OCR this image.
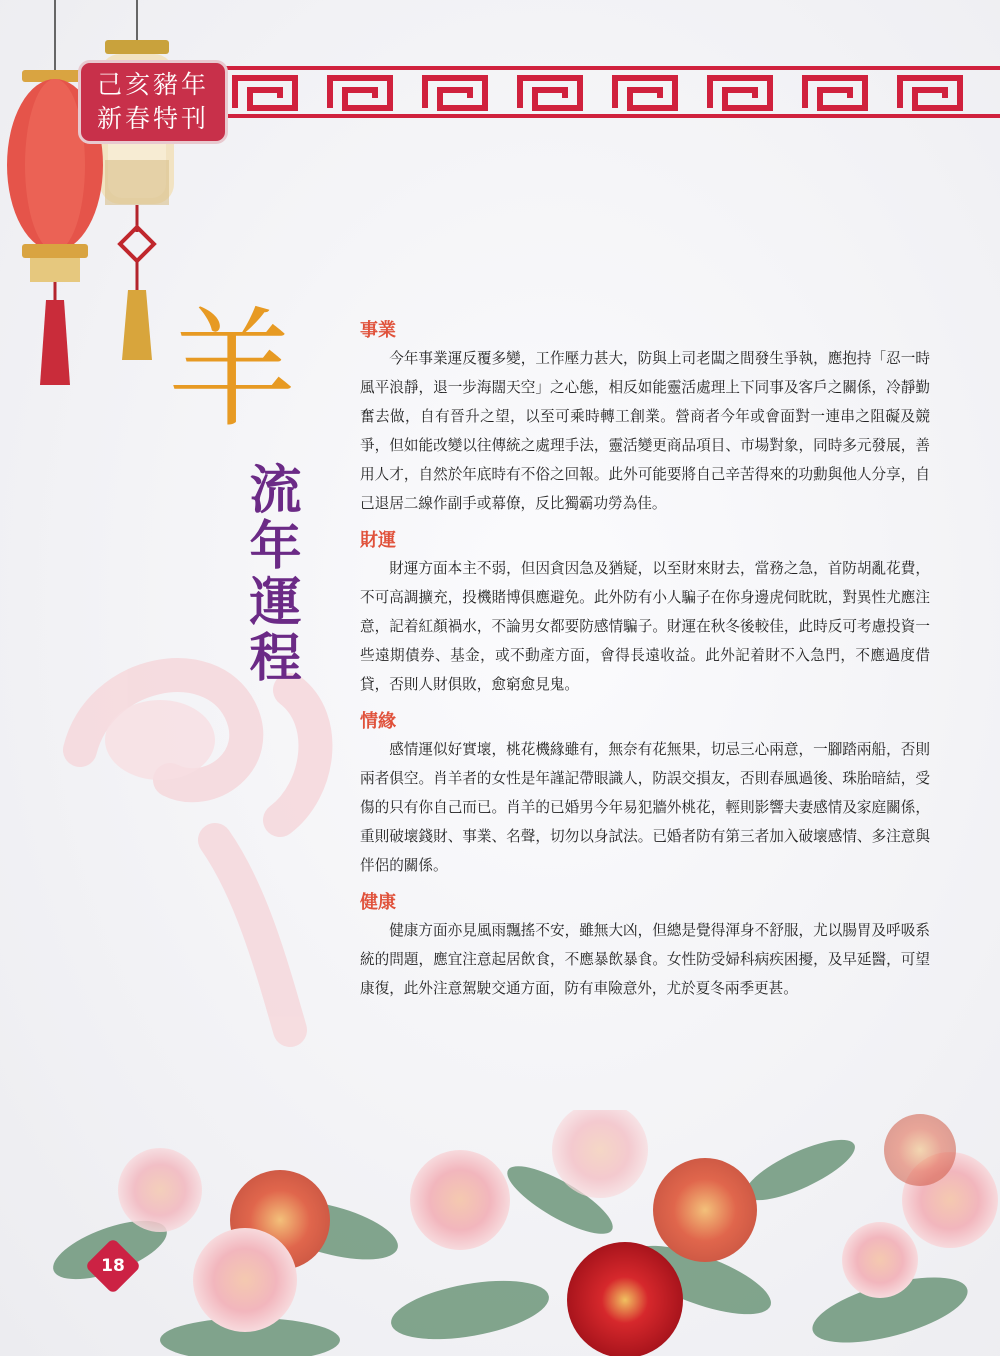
己亥豬年
新春特刊
羊
流年運程
事業

今年事業運反覆多變，工作壓力甚大，防與上司老闆之間發生爭執，應抱持「忍一時風平浪靜，退一步海闊天空」之心態，相反如能靈活處理上下同事及客戶之關係，冷靜勤奮去做，自有晉升之望，以至可乘時轉工創業。營商者今年或會面對一連串之阻礙及競爭，但如能改變以往傳統之處理手法，靈活變更商品項目、市場對象，同時多元發展，善用人才，自然於年底時有不俗之回報。此外可能要將自己辛苦得來的功勳與他人分享，自己退居二線作副手或幕僚，反比獨霸功勞為佳。

財運

財運方面本主不弱，但因貪因急及猶疑，以至財來財去，當務之急，首防胡亂花費，不可高調擴充，投機賭博俱應避免。此外防有小人騙子在你身邊虎伺眈眈，對異性尤應注意，記着紅顏禍水，不論男女都要防感情騙子。財運在秋冬後較佳，此時反可考慮投資一些遠期債券、基金，或不動產方面，會得長遠收益。此外記着財不入急門，不應過度借貸，否則人財俱敗，愈窮愈見鬼。

情緣

感情運似好實壞，桃花機緣雖有，無奈有花無果，切忌三心兩意，一腳踏兩船，否則兩者俱空。肖羊者的女性是年謹記帶眼識人，防誤交損友，否則春風過後、珠胎暗結，受傷的只有你自己而已。肖羊的已婚男今年易犯牆外桃花，輕則影響夫妻感情及家庭關係，重則破壞錢財、事業、名聲，切勿以身試法。已婚者防有第三者加入破壞感情、多注意與伴侶的關係。

健康

健康方面亦見風雨飄搖不安，雖無大凶，但總是覺得渾身不舒服，尤以腸胃及呼吸系統的問題，應宜注意起居飲食，不應暴飲暴食。女性防受婦科病疾困擾，及早延醫，可望康復，此外注意駕駛交通方面，防有車險意外，尤於夏冬兩季更甚。

18
